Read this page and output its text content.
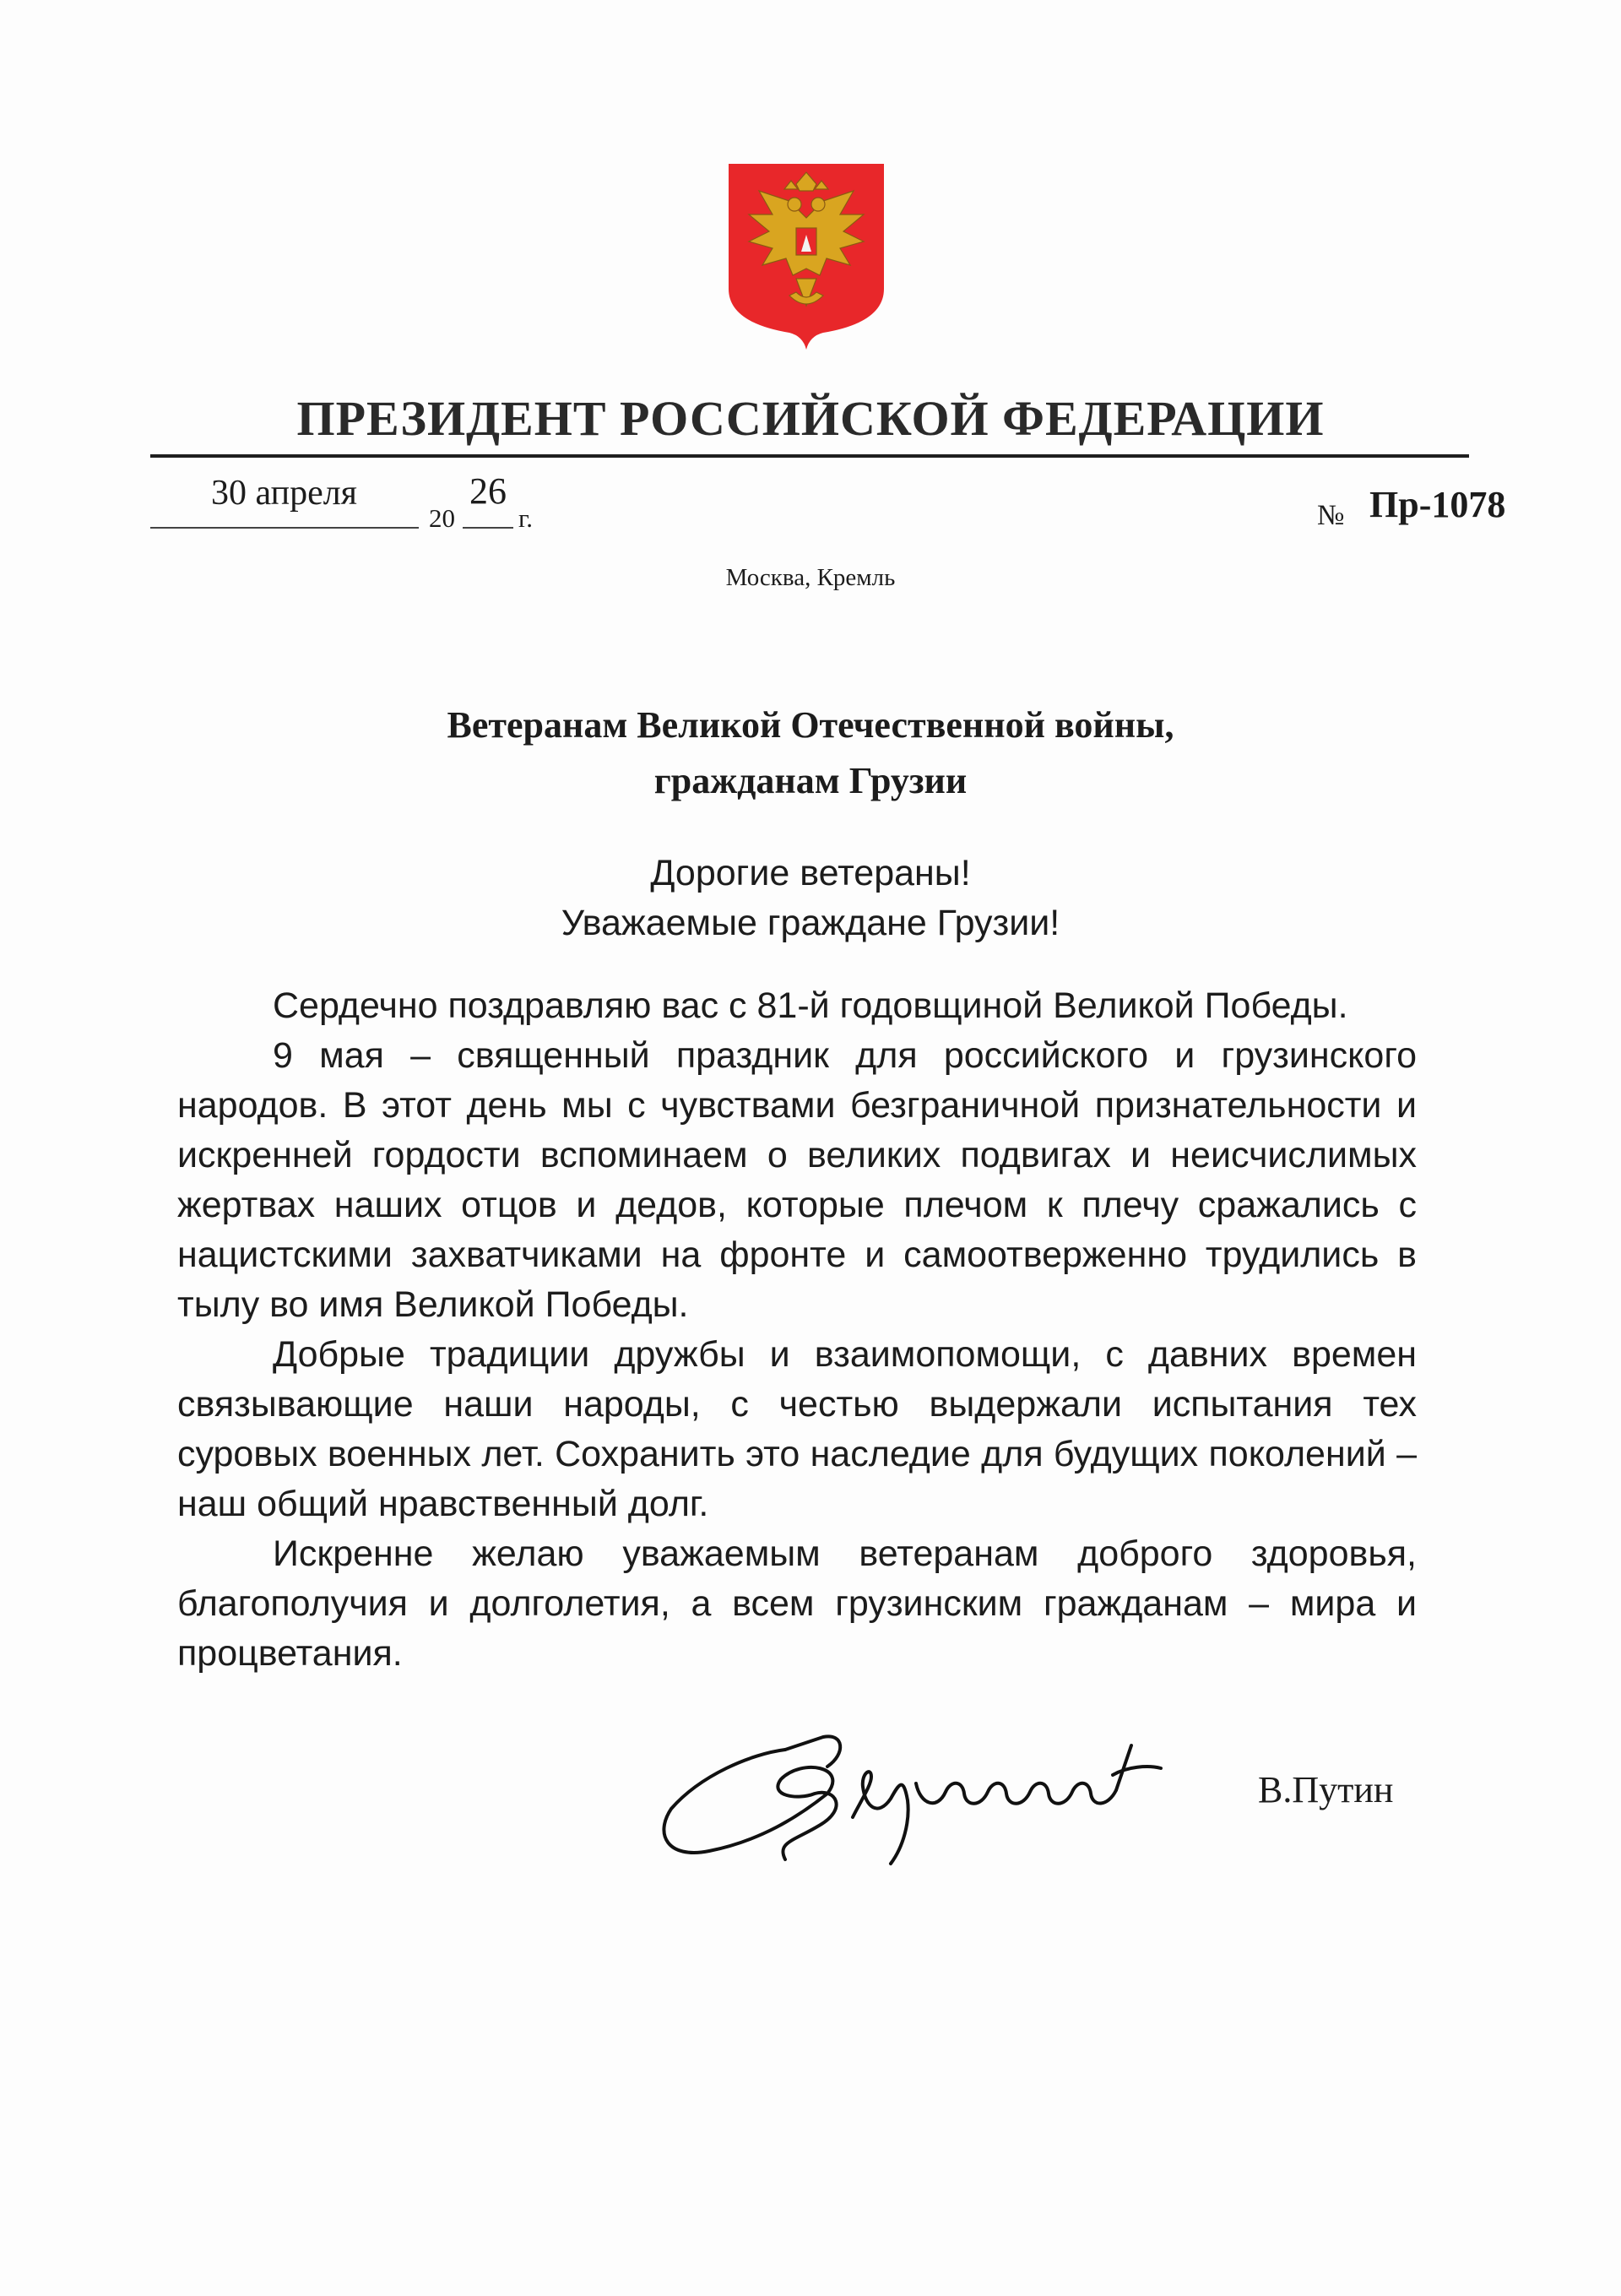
ПРЕЗИДЕНТ РОССИЙСКОЙ ФЕДЕРАЦИИ
30 апреля
20
26
г.	№ Пр-1078
Москва, Кремль
Ветеранам Великой Отечественной войны,
гражданам Грузии
Дорогие ветераны!
Уважаемые граждане Грузии!

Сердечно поздравляю вас с 81-й годовщиной Великой Победы.

9 мая – священный праздник для российского и грузинского народов. В этот день мы с чувствами безграничной признательности и искренней гордости вспоминаем о великих подвигах и неисчислимых жертвах наших отцов и дедов, которые плечом к плечу сражались с нацистскими захватчиками на фронте и самоотверженно трудились в тылу во имя Великой Победы.

Добрые традиции дружбы и взаимопомощи, с давних времен связывающие наши народы, с честью выдержали испытания тех суровых военных лет. Сохранить это наследие для будущих поколений – наш общий нравственный долг.

Искренне желаю уважаемым ветеранам доброго здоровья, благополучия и долголетия, а всем грузинским гражданам – мира и процветания.

В.Путин
